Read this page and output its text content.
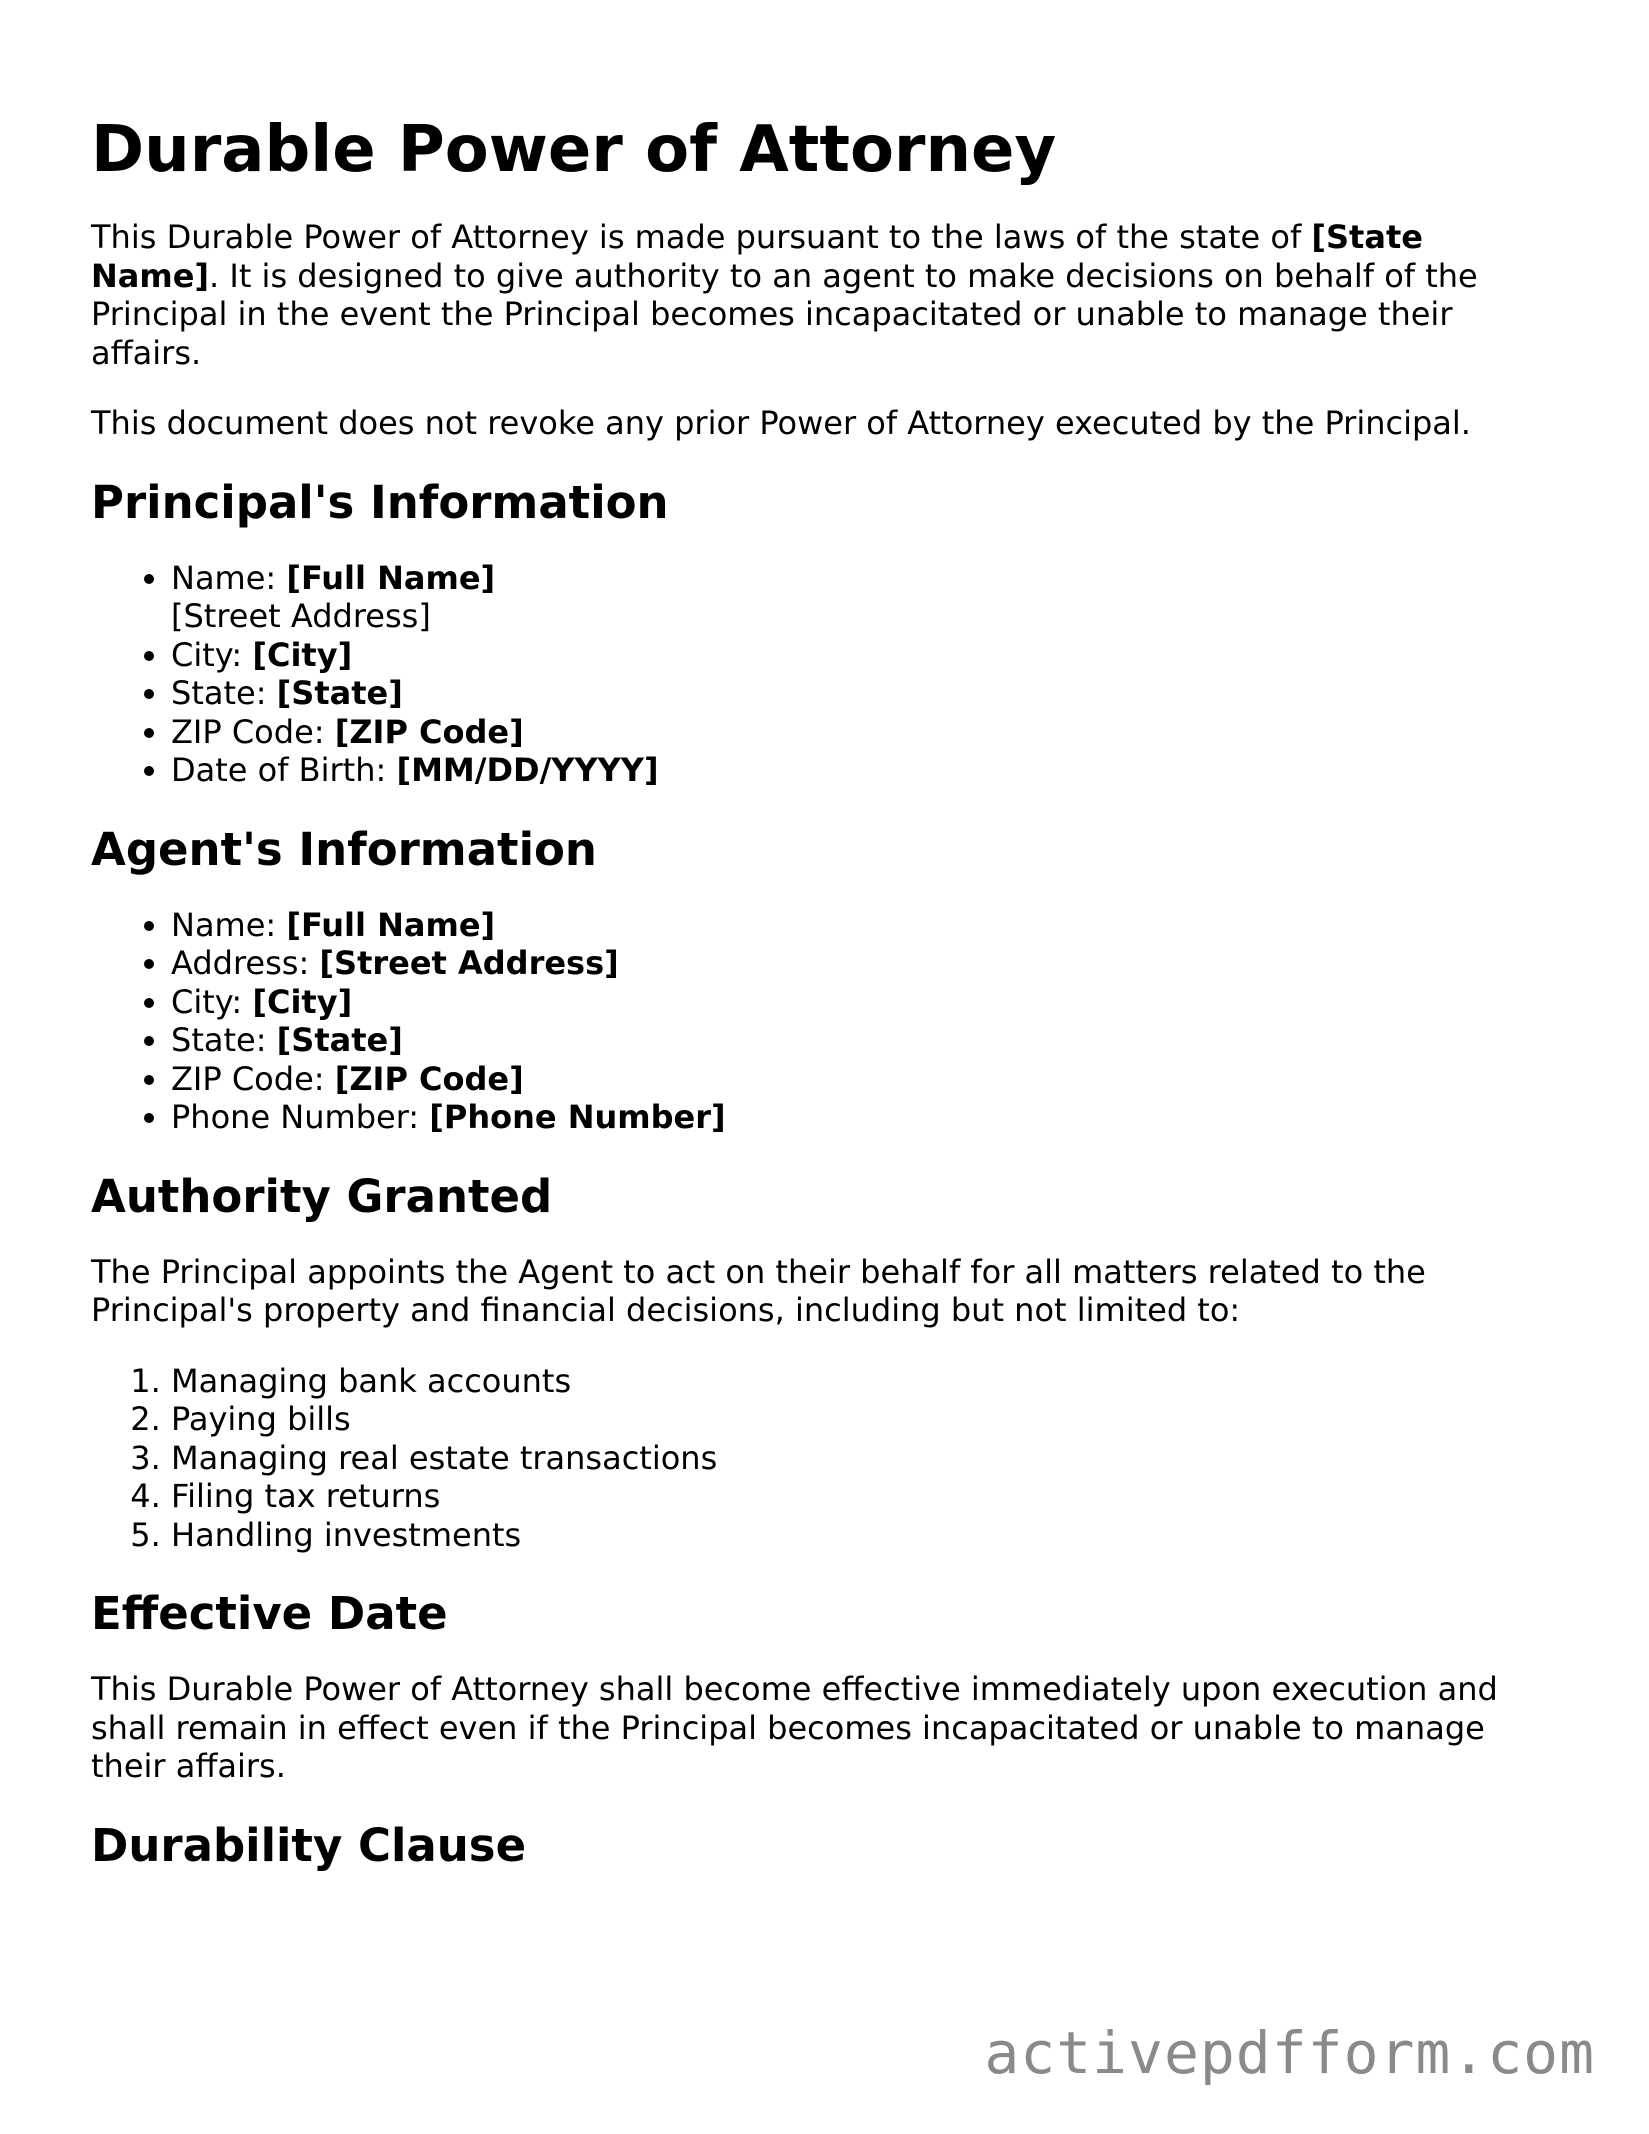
Durable Power of Attorney

This Durable Power of Attorney is made pursuant to the laws of the state of [State Name]. It is designed to give authority to an agent to make decisions on behalf of the Principal in the event the Principal becomes incapacitated or unable to manage their affairs.

This document does not revoke any prior Power of Attorney executed by the Principal.

Principal's Information
• Name: [Full Name]
[Street Address]
• City: [City]
• State: [State]
• ZIP Code: [ZIP Code]
• Date of Birth: [MM/DD/YYYY]
Agent's Information
• Name: [Full Name]
• Address: [Street Address]
• City: [City]
• State: [State]
• ZIP Code: [ZIP Code]
• Phone Number: [Phone Number]
Authority Granted

The Principal appoints the Agent to act on their behalf for all matters related to the Principal's property and financial decisions, including but not limited to:

1. Managing bank accounts
2. Paying bills
3. Managing real estate transactions
4. Filing tax returns
5. Handling investments
Effective Date

This Durable Power of Attorney shall become effective immediately upon execution and shall remain in effect even if the Principal becomes incapacitated or unable to manage their affairs.

Durability Clause
activepdfform.com
